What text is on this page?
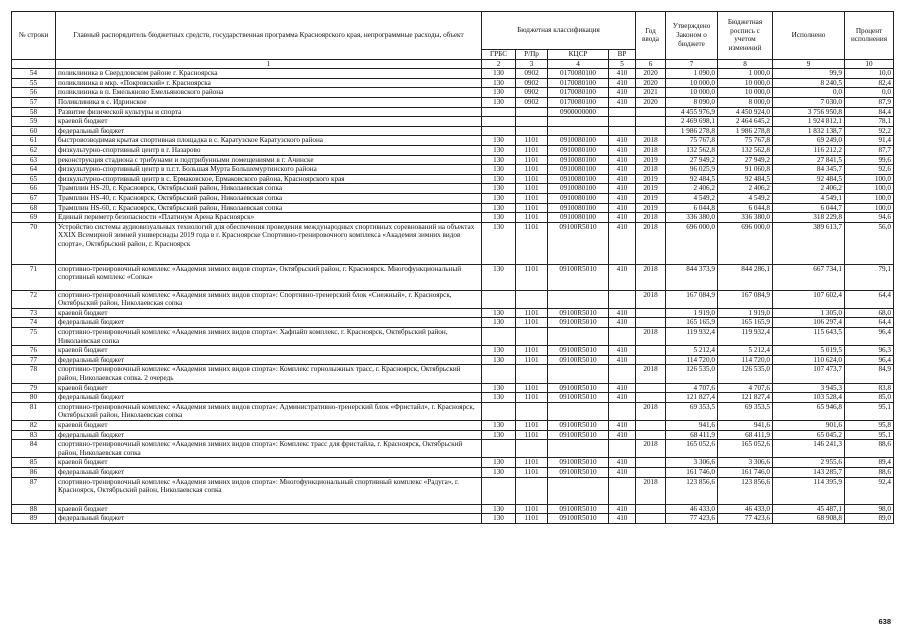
№ строки	Главный распорядитель бюджетных средств, государственная программа Красноярского края, непрограммные расходы, объект	Бюджетная классификация				Год ввода	Утверждено Законом о бюджете	Бюджетная роспись с учетом изменений	Исполнено	Процент исполнения
		ГРБС	Р/Пр	КЦСР	ВР					
	1	2	3	4	5	6	7	8	9	10
54	поликлиника в Свердловском районе г. Красноярска	130	0902	0170080100	410	2020	1 090,0	1 000,0	99,9	10,0
55	поликлиника в мкр. «Покровский» г. Красноярска	130	0902	0170080100	410	2020	10 000,0	10 000,0	8 240,5	82,4
56	поликлиника в п. Емельяново Емельяновского района	130	0902	0170080100	410	2021	10 000,0	10 000,0	0,0	0,0
57	Поликлиника в с. Идринское	130	0902	0170080100	410	2020	8 090,0	8 000,0	7 030,0	87,9
58	Развитие физической культуры и спорта			0900000000			4 455 976,9	4 450 924,0	3 756 950,8	84,4
59	краевой бюджет						2 469 698,1	2 464 645,2	1 924 812,1	78,1
60	федеральный бюджет						1 986 278,8	1 986 278,8	1 832 138,7	92,2
61	быстровозводимая крытая спортивная площадка в с. Каратузское Каратузского района	130	1101	0910080100	410	2018	75 767,8	75 767,8	69 249,0	91,4
62	физкультурно-спортивный центр в г. Назарово	130	1101	0910080100	410	2018	132 562,8	132 562,8	116 212,2	87,7
63	реконструкция стадиона с трибунами и подтрибунными помещениями в г. Ачинске	130	1101	0910080100	410	2019	27 949,2	27 949,2	27 841,5	99,6
64	физкультурно-спортивный центр в п.г.т. Большая Мурта Большемуртинского района	130	1101	0910080100	410	2018	96 025,9	91 060,8	84 345,7	92,6
65	физкультурно-спортивный центр в с. Ермаковское, Ермаковского района, Красноярского края	130	1101	0910080100	410	2019	92 484,5	92 484,5	92 484,5	100,0
66	Трамплин HS-20, г. Красноярск, Октябрьский район, Николаевская сопка	130	1101	0910080100	410	2019	2 406,2	2 406,2	2 406,2	100,0
67	Трамплин HS-40, г. Красноярск, Октябрьский район, Николаевская сопка	130	1101	0910080100	410	2019	4 549,2	4 549,2	4 549,1	100,0
68	Трамплин HS-60, г. Красноярск, Октябрьский район, Николаевская сопка	130	1101	0910080100	410	2019	6 044,8	6 044,8	6 044,7	100,0
69	Единый периметр безопасности «Платинум Арена Красноярск»	130	1101	0910080100	410	2018	336 380,0	336 380,0	318 229,8	94,6
70	Устройство системы аудиовизуальных технологий для обеспечения проведения международных спортивных соревнований на объектах XXIX Всемирной зимней универсиады 2019 года в г. Красноярске Спортивно-тренировочного комплекса «Академия зимних видов спорта», Октябрьский район, г. Красноярск	130	1101	09100R5010	410	2018	696 000,0	696 000,0	389 613,7	56,0
71	спортивно-тренировочный комплекс «Академия зимних видов спорта», Октябрьский район, г. Красноярск. Многофункциональный спортивный комплекс «Сопка»	130	1101	09100R5010	410	2018	844 373,9	844 286,1	667 734,1	79,1
72	спортивно-тренировочный комплекс «Академия зимних видов спорта»: Спортивно-тренерский блок «Снежный», г. Красноярск, Октябрьский район, Николаевская сопка					2018	167 084,9	167 084,9	107 602,4	64,4
73	краевой бюджет	130	1101	09100R5010	410		1 919,0	1 919,0	1 305,0	68,0
74	федеральный бюджет	130	1101	09100R5010	410		165 165,9	165 165,9	106 297,4	64,4
75	спортивно-тренировочный комплекс «Академия зимних видов спорта»: Хафпайп комплекс, г. Красноярск, Октябрьский район, Николаевская сопка					2018	119 932,4	119 932,4	115 643,5	96,4
76	краевой бюджет	130	1101	09100R5010	410		5 212,4	5 212,4	5 019,5	96,3
77	федеральный бюджет	130	1101	09100R5010	410		114 720,0	114 720,0	110 624,0	96,4
78	спортивно-тренировочный комплекс «Академия зимних видов спорта»: Комплекс горнолыжных трасс, г. Красноярск, Октябрьский район, Николаевская сопка. 2 очередь					2018	126 535,0	126 535,0	107 473,7	84,9
79	краевой бюджет	130	1101	09100R5010	410		4 707,6	4 707,6	3 945,3	83,8
80	федеральный бюджет	130	1101	09100R5010	410		121 827,4	121 827,4	103 528,4	85,0
81	спортивно-тренировочный комплекс «Академия зимних видов спорта»: Административно-тренерский блок «Фристайл», г. Красноярск, Октябрьский район, Николаевская сопка					2018	69 353,5	69 353,5	65 946,8	95,1
82	краевой бюджет	130	1101	09100R5010	410		941,6	941,6	901,6	95,8
83	федеральный бюджет	130	1101	09100R5010	410		68 411,9	68 411,9	65 045,2	95,1
84	спортивно-тренировочный комплекс «Академия зимних видов спорта»: Комплекс трасс для фристайла, г. Красноярск, Октябрьский район, Николаевская сопка					2018	165 052,6	165 052,6	146 241,3	88,6
85	краевой бюджет	130	1101	09100R5010	410		3 306,6	3 306,6	2 955,6	89,4
86	федеральный бюджет	130	1101	09100R5010	410		161 746,0	161 746,0	143 285,7	88,6
87	спортивно-тренировочный комплекс «Академия зимних видов спорта»: Многофункциональный спортивный комплекс «Радуга», г. Красноярск, Октябрьский район, Николаевская сопка					2018	123 856,6	123 856,6	114 395,9	92,4
88	краевой бюджет	130	1101	09100R5010	410		46 433,0	46 433,0	45 487,1	98,0
89	федеральный бюджет	130	1101	09100R5010	410		77 423,6	77 423,6	68 908,8	89,0
638
